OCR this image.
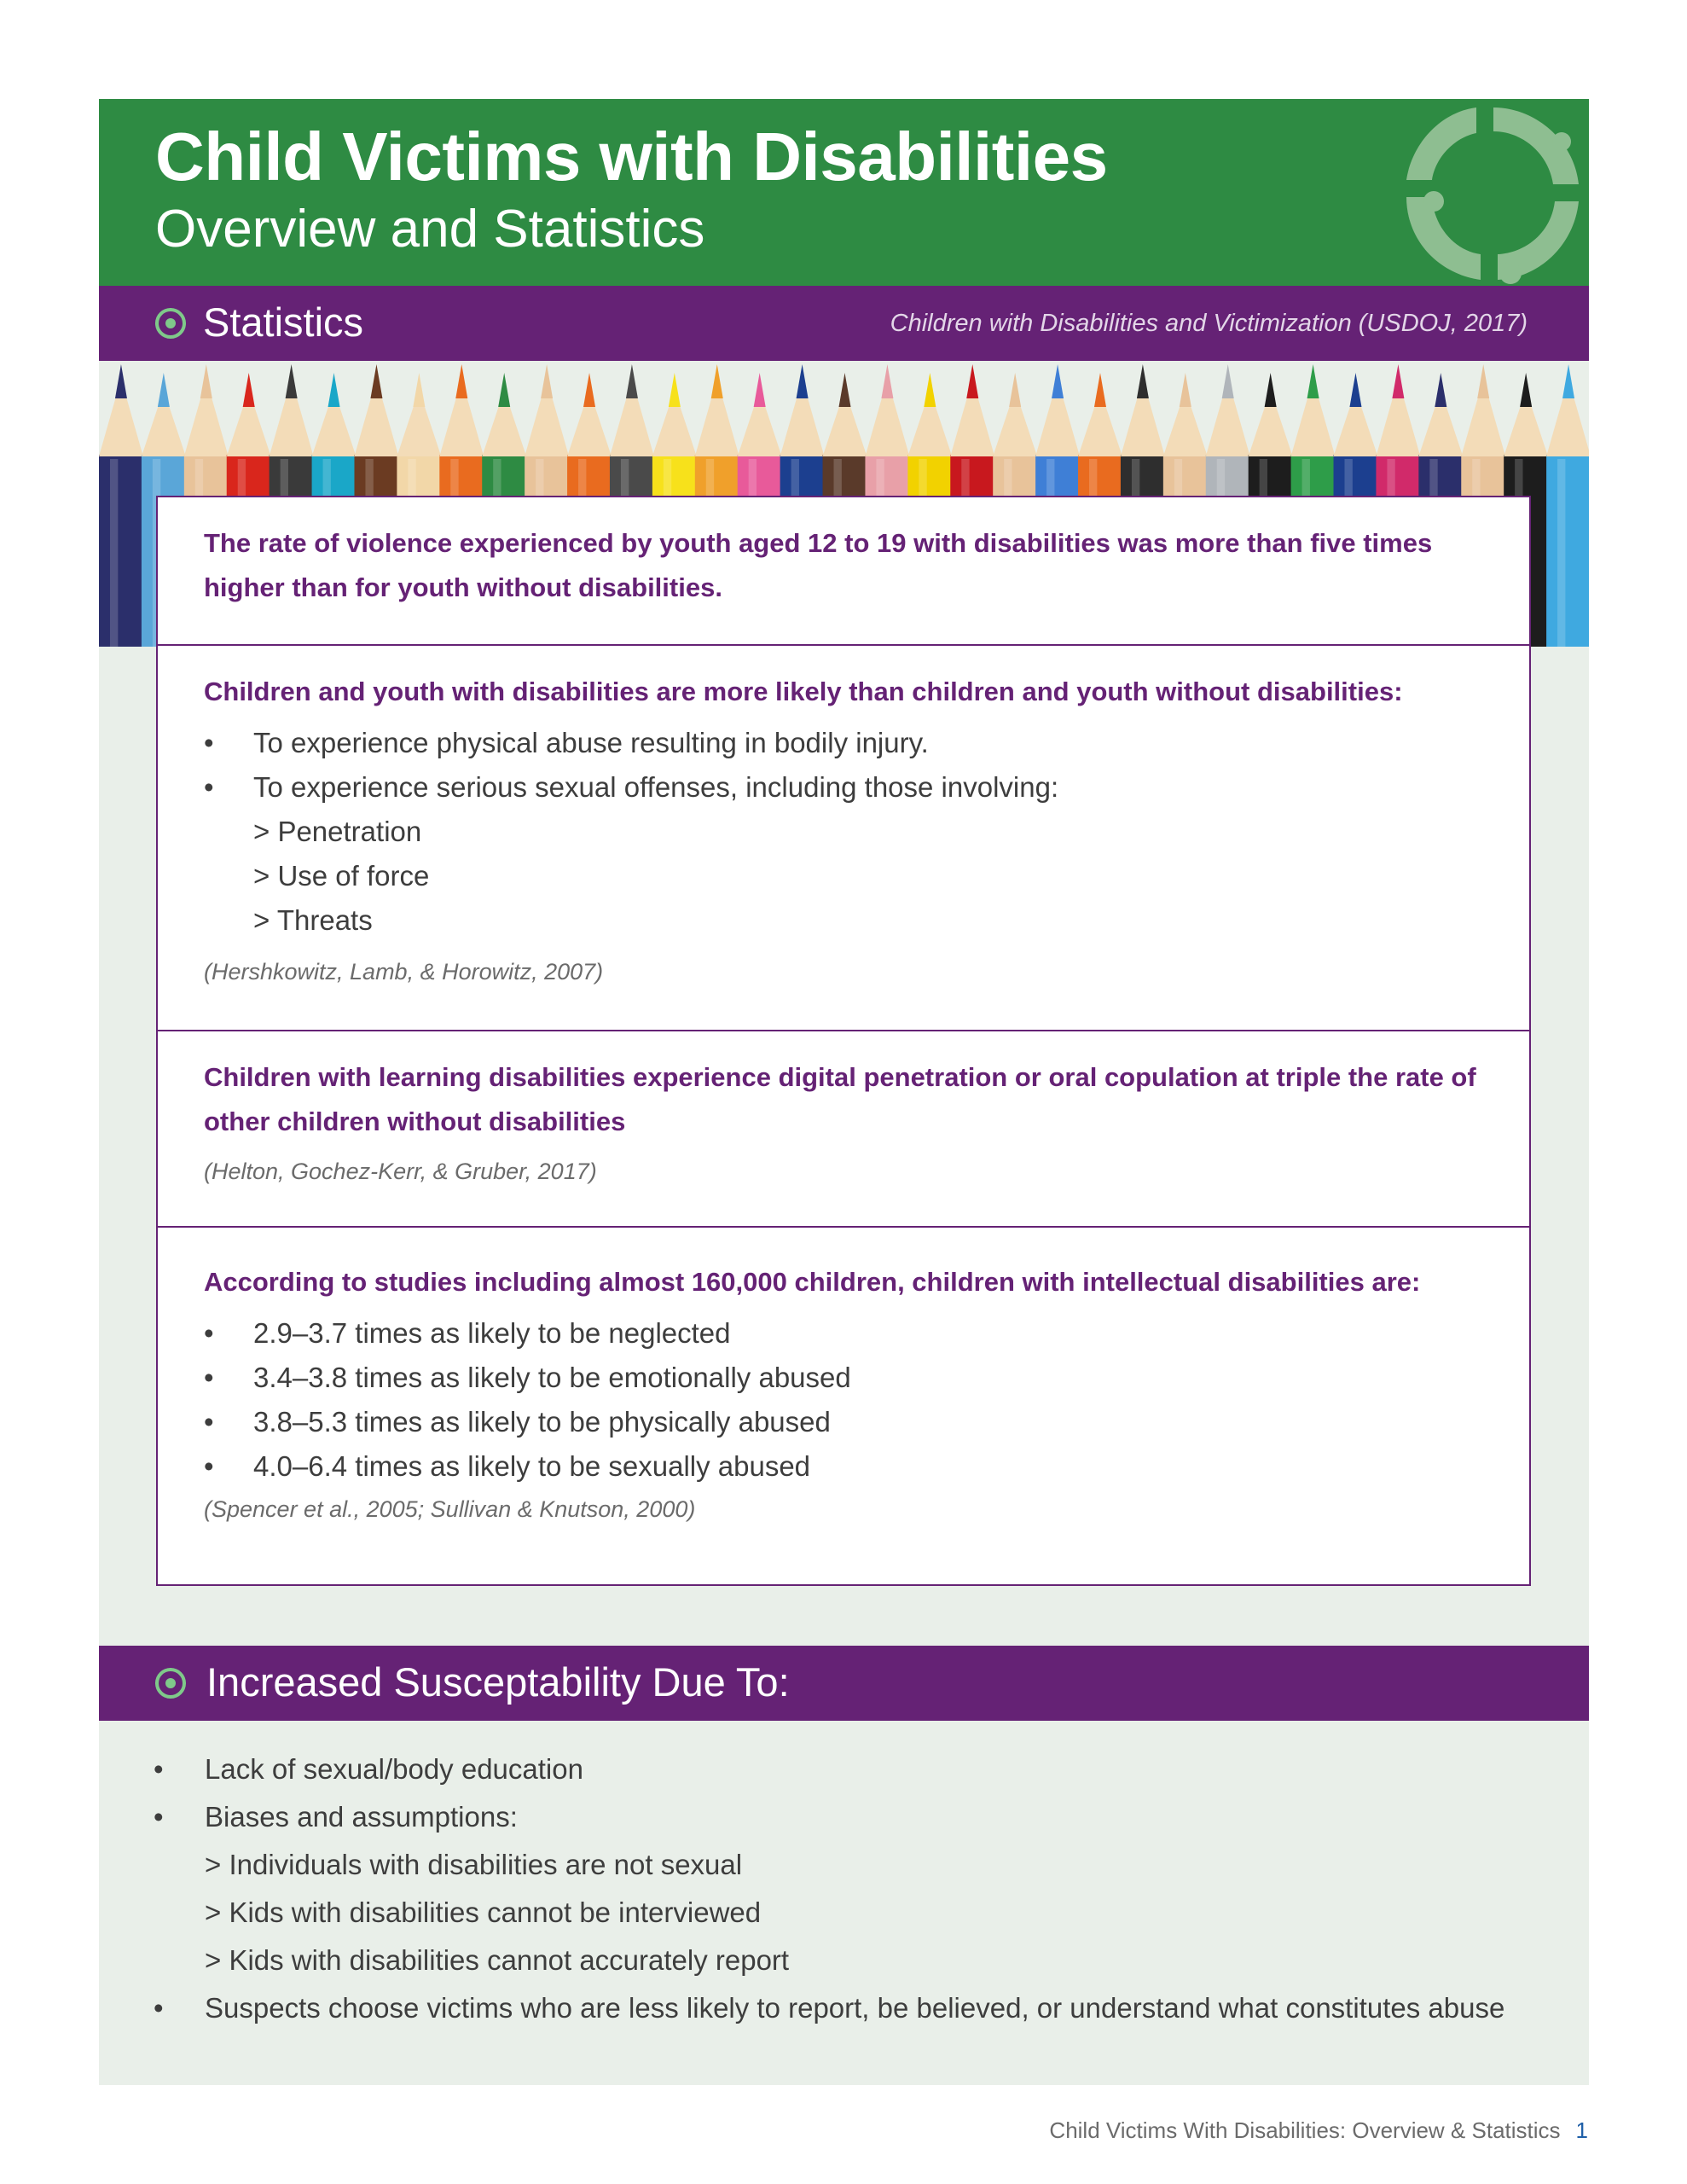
Child Victims with Disabilities
Overview and Statistics
Statistics	Children with Disabilities and Victimization (USDOJ, 2017)
The rate of violence experienced by youth aged 12 to 19 with disabilities was more than five times higher than for youth without disabilities.
Children and youth with disabilities are more likely than children and youth without disabilities:
• To experience physical abuse resulting in bodily injury.
• To experience serious sexual offenses, including those involving:
> Penetration
> Use of force
> Threats
(Hershkowitz, Lamb, & Horowitz, 2007)
Children with learning disabilities experience digital penetration or oral copulation at triple the rate of other children without disabilities
(Helton, Gochez-Kerr, & Gruber, 2017)
According to studies including almost 160,000 children, children with intellectual disabilities are:
• 2.9–3.7 times as likely to be neglected
• 3.4–3.8 times as likely to be emotionally abused
• 3.8–5.3 times as likely to be physically abused
• 4.0–6.4 times as likely to be sexually abused
(Spencer et al., 2005; Sullivan & Knutson, 2000)
Increased Susceptability Due To:
• Lack of sexual/body education
• Biases and assumptions:
> Individuals with disabilities are not sexual
> Kids with disabilities cannot be interviewed
> Kids with disabilities cannot accurately report
• Suspects choose victims who are less likely to report, be believed, or understand what constitutes abuse
Child Victims With Disabilities: Overview & Statistics 1
